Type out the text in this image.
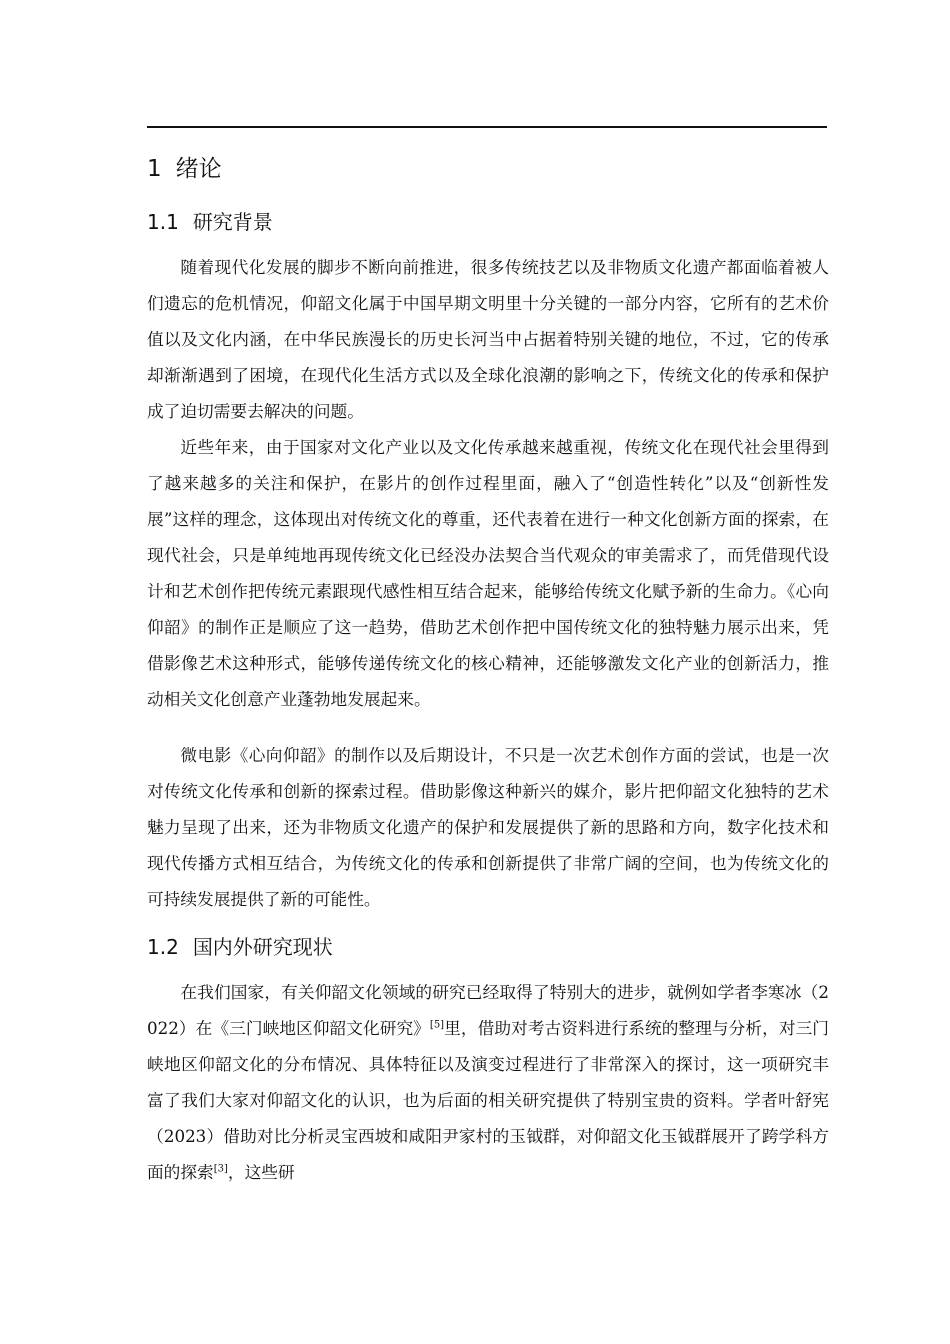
1 绪论
1.1 研究背景

随着现代化发展的脚步不断向前推进，很多传统技艺以及非物质文化遗产都面临着被人们遗忘的危机情况，仰韶文化属于中国早期文明里十分关键的一部分内容，它所有的艺术价值以及文化内涵，在中华民族漫长的历史长河当中占据着特别关键的地位，不过，它的传承却渐渐遇到了困境，在现代化生活方式以及全球化浪潮的影响之下，传统文化的传承和保护成了迫切需要去解决的问题。

近些年来，由于国家对文化产业以及文化传承越来越重视，传统文化在现代社会里得到了越来越多的关注和保护，在影片的创作过程里面，融入了“创造性转化”以及“创新性发展”这样的理念，这体现出对传统文化的尊重，还代表着在进行一种文化创新方面的探索，在现代社会，只是单纯地再现传统文化已经没办法契合当代观众的审美需求了，而凭借现代设计和艺术创作把传统元素跟现代感性相互结合起来，能够给传统文化赋予新的生命力。《心向仰韶》的制作正是顺应了这一趋势，借助艺术创作把中国传统文化的独特魅力展示出来，凭借影像艺术这种形式，能够传递传统文化的核心精神，还能够激发文化产业的创新活力，推动相关文化创意产业蓬勃地发展起来。

微电影《心向仰韶》的制作以及后期设计，不只是一次艺术创作方面的尝试，也是一次对传统文化传承和创新的探索过程。借助影像这种新兴的媒介，影片把仰韶文化独特的艺术魅力呈现了出来，还为非物质文化遗产的保护和发展提供了新的思路和方向，数字化技术和现代传播方式相互结合，为传统文化的传承和创新提供了非常广阔的空间，也为传统文化的可持续发展提供了新的可能性。

1.2 国内外研究现状

在我们国家，有关仰韶文化领域的研究已经取得了特别大的进步，就例如学者李寒冰（2022）在《三门峡地区仰韶文化研究》[5]里，借助对考古资料进行系统的整理与分析，对三门峡地区仰韶文化的分布情况、具体特征以及演变过程进行了非常深入的探讨，这一项研究丰富了我们大家对仰韶文化的认识，也为后面的相关研究提供了特别宝贵的资料。学者叶舒宪（2023）借助对比分析灵宝西坡和咸阳尹家村的玉钺群，对仰韶文化玉钺群展开了跨学科方面的探索[3]，这些研
